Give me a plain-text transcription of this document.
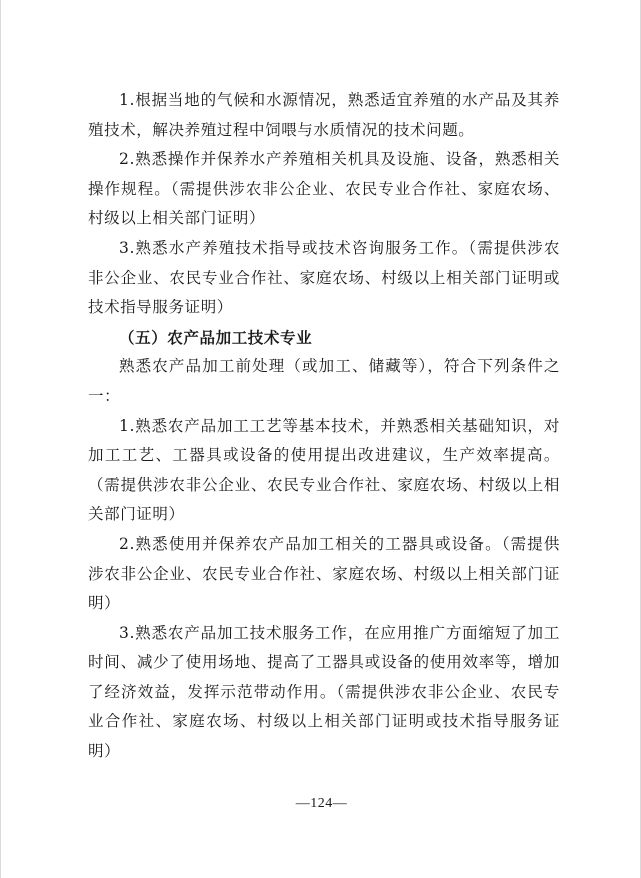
1.根据当地的气候和水源情况，熟悉适宜养殖的水产品及其养殖技术，解决养殖过程中饲喂与水质情况的技术问题。

2.熟悉操作并保养水产养殖相关机具及设施、设备，熟悉相关操作规程。（需提供涉农非公企业、农民专业合作社、家庭农场、村级以上相关部门证明）

3.熟悉水产养殖技术指导或技术咨询服务工作。（需提供涉农非公企业、农民专业合作社、家庭农场、村级以上相关部门证明或技术指导服务证明）

（五）农产品加工技术专业

熟悉农产品加工前处理（或加工、储藏等），符合下列条件之一：

1.熟悉农产品加工工艺等基本技术，并熟悉相关基础知识，对加工工艺、工器具或设备的使用提出改进建议，生产效率提高。（需提供涉农非公企业、农民专业合作社、家庭农场、村级以上相关部门证明）

2.熟悉使用并保养农产品加工相关的工器具或设备。（需提供涉农非公企业、农民专业合作社、家庭农场、村级以上相关部门证明）

3.熟悉农产品加工技术服务工作，在应用推广方面缩短了加工时间、减少了使用场地、提高了工器具或设备的使用效率等，增加了经济效益，发挥示范带动作用。（需提供涉农非公企业、农民专业合作社、家庭农场、村级以上相关部门证明或技术指导服务证明）

—124—
